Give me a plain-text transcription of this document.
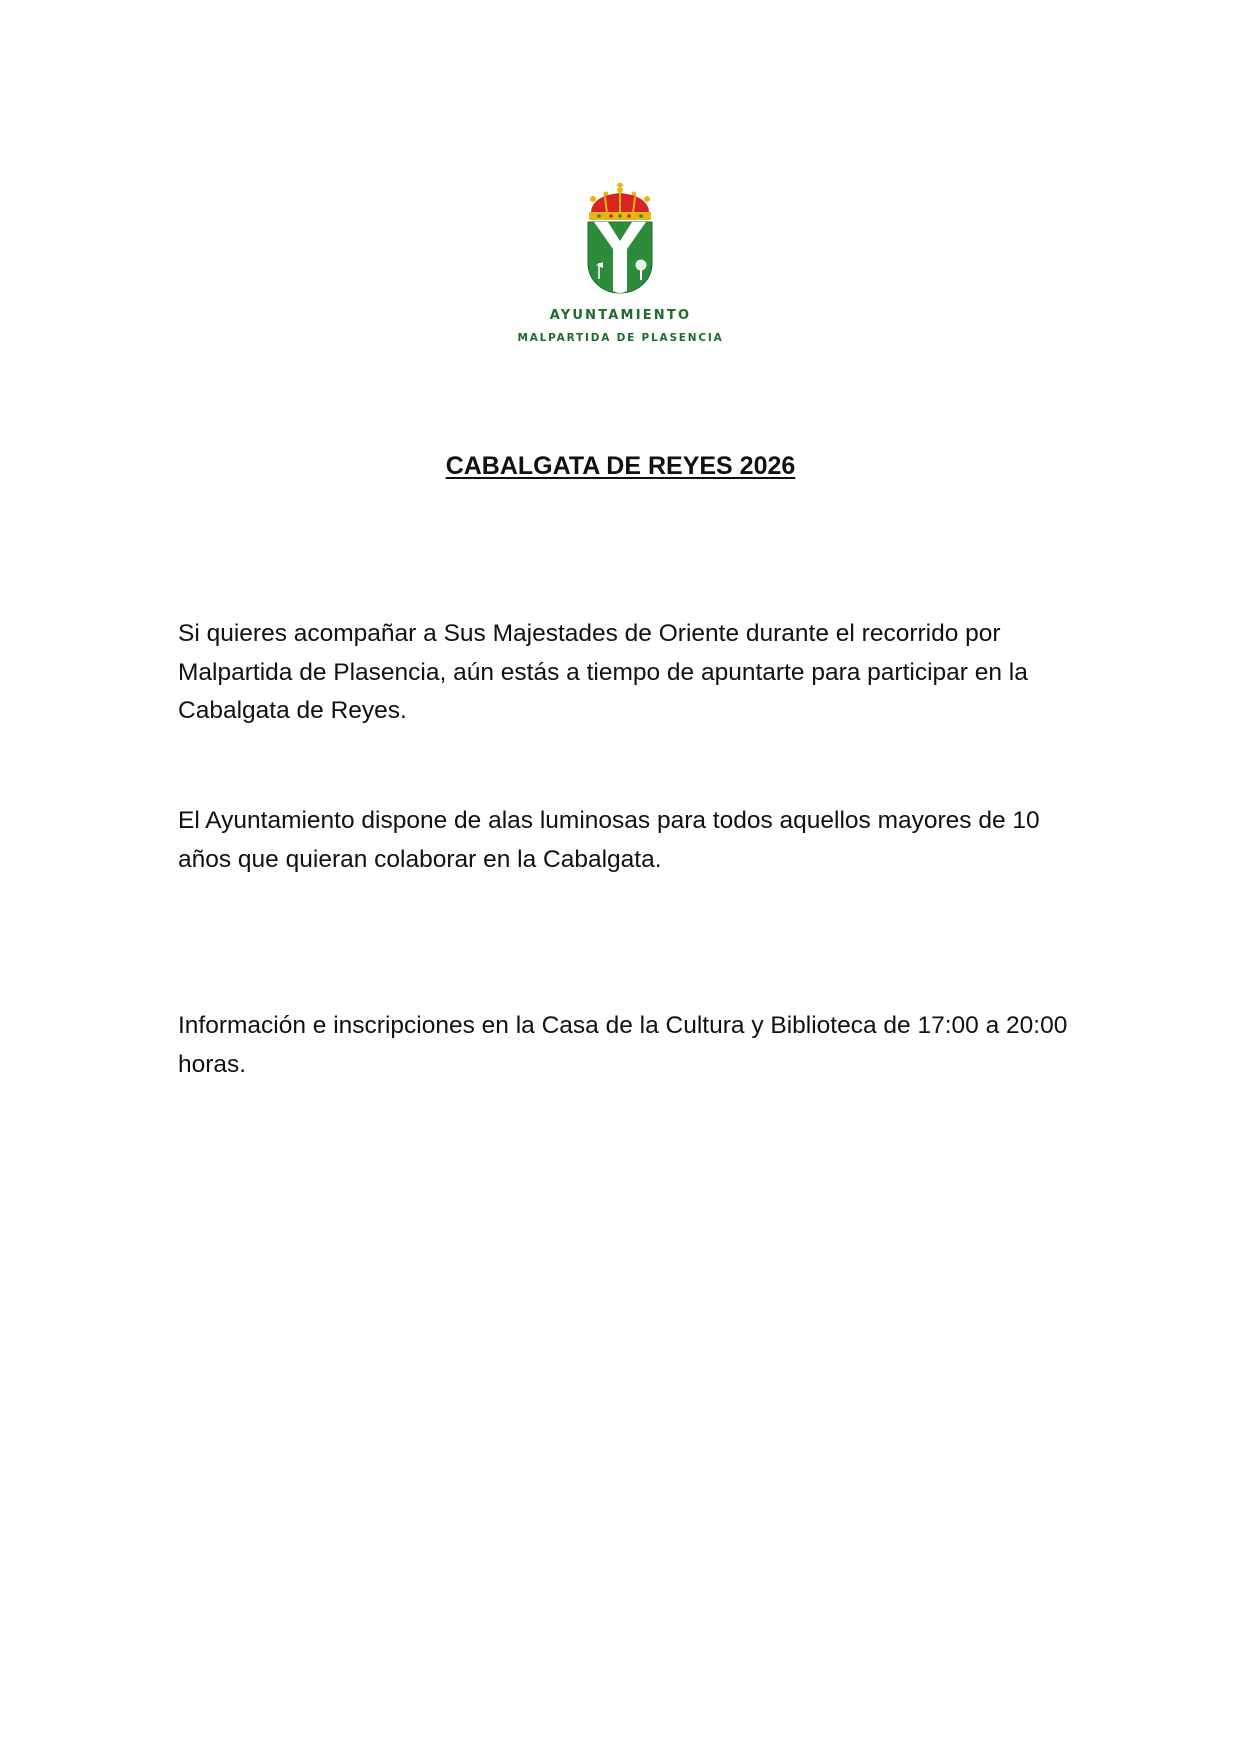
AYUNTAMIENTO
MALPARTIDA DE PLASENCIA
CABALGATA DE REYES 2026
Si quieres acompañar a Sus Majestades de Oriente durante el recorrido por Malpartida de Plasencia, aún estás a tiempo de apuntarte para participar en la Cabalgata de Reyes.
El Ayuntamiento dispone de alas luminosas para todos aquellos mayores de 10 años que quieran colaborar en la Cabalgata.
Información e inscripciones en la Casa de la Cultura y Biblioteca de 17:00 a 20:00 horas.
